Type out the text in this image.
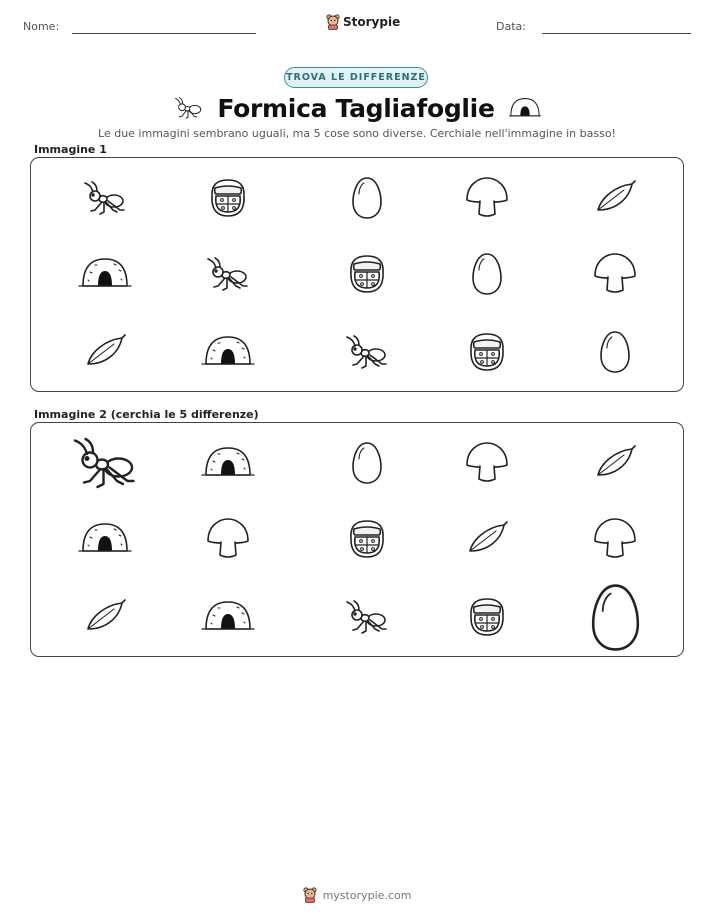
Nome:	Storypie	Data:
TROVA LE DIFFERENZE
Formica Tagliafoglie
Le due immagini sembrano uguali, ma 5 cose sono diverse. Cerchiale nell'immagine in basso!
Immagine 1
Immagine 2 (cerchia le 5 differenze)
mystorypie.com
